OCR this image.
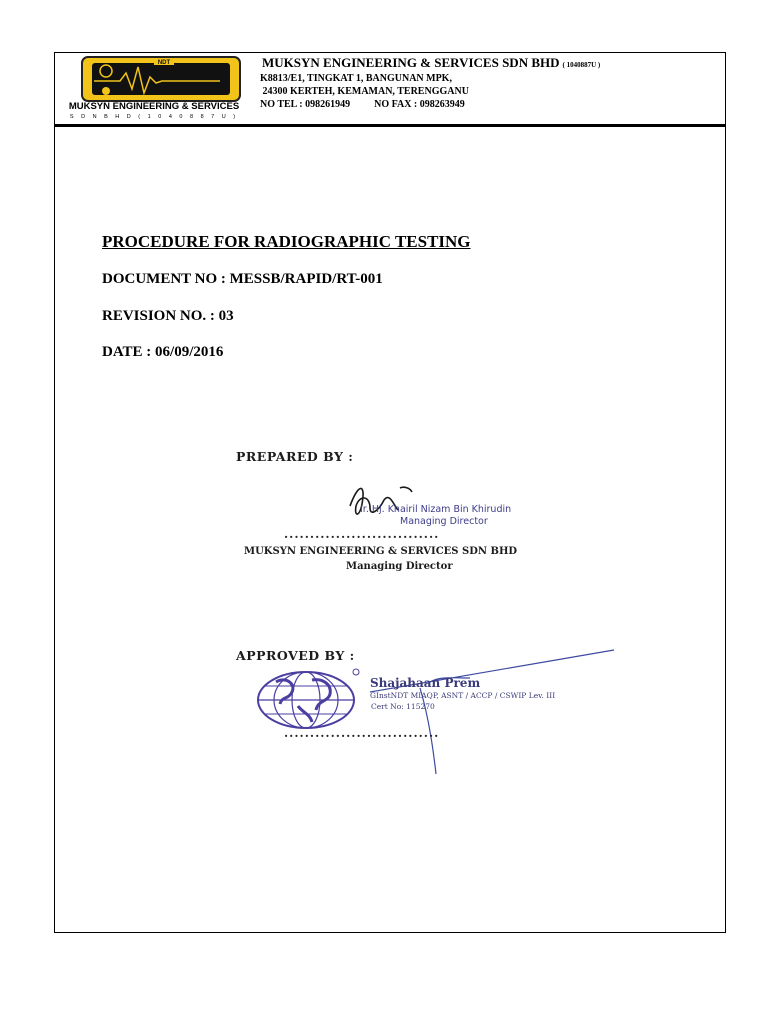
NDT
MUKSYN ENGINEERING & SERVICES
S D N B H D ( 1 0 4 0 8 8 7 U )
MUKSYN ENGINEERING & SERVICES SDN BHD ( 1040887U )
K8813/E1, TINGKAT 1, BANGUNAN MPK,
24300 KERTEH, KEMAMAN, TERENGGANU
NO TEL : 098261949 NO FAX : 098263949
PROCEDURE FOR RADIOGRAPHIC TESTING
DOCUMENT NO : MESSB/RAPID/RT-001
REVISION NO. : 03
DATE : 06/09/2016
PREPARED BY :
Ir. Hj. Khairil Nizam Bin Khirudin
Managing Director
..............................
MUKSYN ENGINEERING & SERVICES SDN BHD
Managing Director
APPROVED BY :
Shajahaan Prem
GInstNDT MIAQP, ASNT / ACCP / CSWIP Lev. III
Cert No: 115270
..............................
